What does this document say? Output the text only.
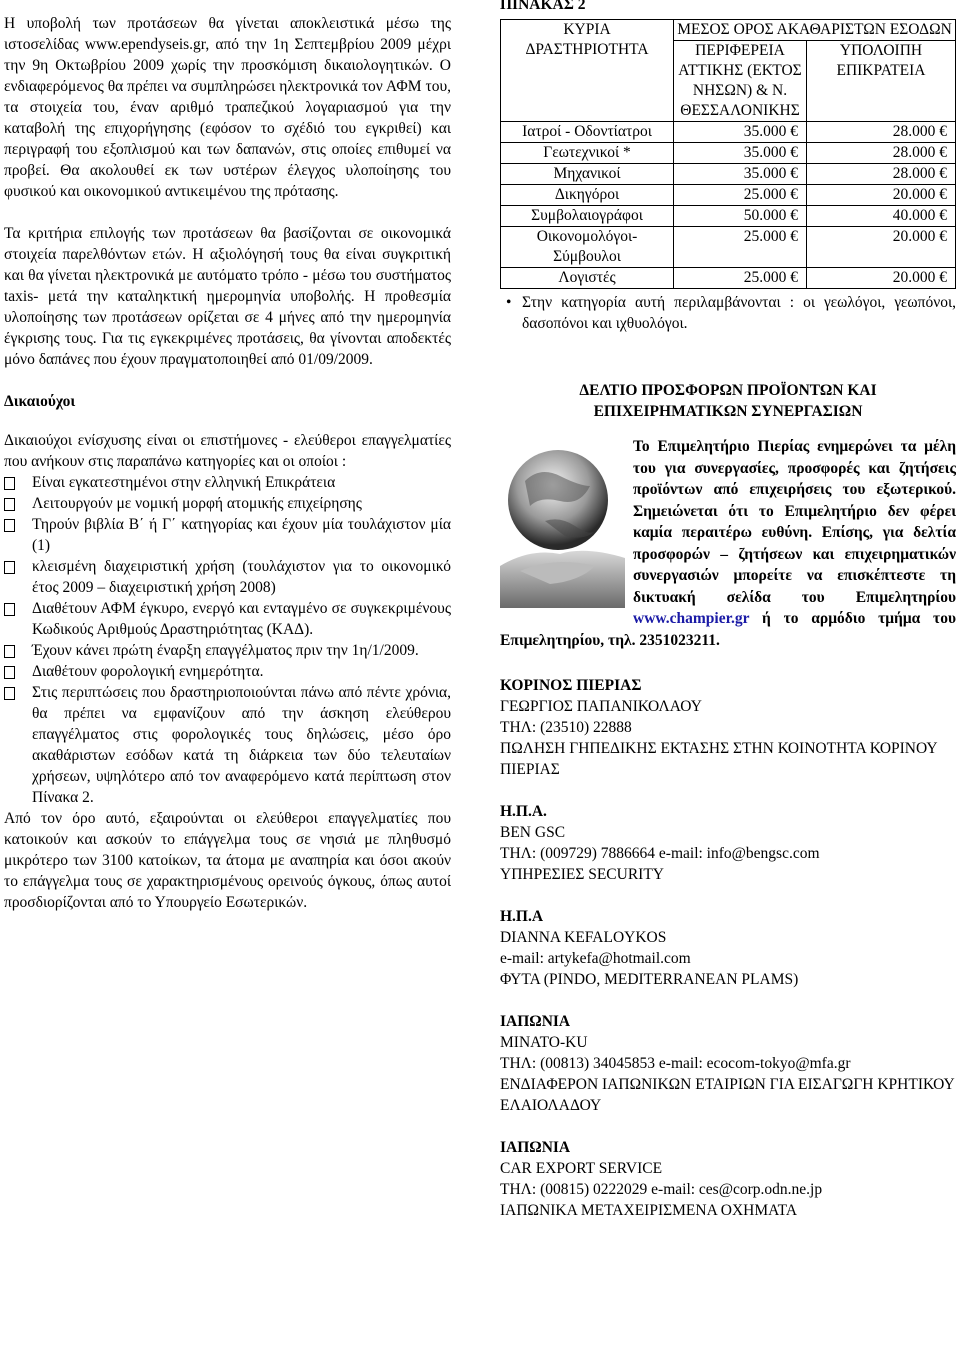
Η υποβολή των προτάσεων θα γίνεται αποκλειστικά μέσω της ιστοσελίδας www.ependyseis.gr, από την 1η Σεπτεμβρίου 2009 μέχρι την 9η Οκτωβρίου 2009 χωρίς την προσκόμιση δικαιολογητικών. Ο ενδιαφερόμενος θα πρέπει να συμπληρώσει ηλεκτρονικά τον ΑΦΜ του, τα στοιχεία του, έναν αριθμό τραπεζικού λογαριασμού για την καταβολή της επιχορήγησης (εφόσον το σχέδιό του εγκριθεί) και περιγραφή του εξοπλισμού και των δαπανών, στις οποίες επιθυμεί να προβεί. Θα ακολουθεί εκ των υστέρων έλεγχος υλοποίησης του φυσικού και οικονομικού αντικειμένου της πρότασης.

Τα κριτήρια επιλογής των προτάσεων θα βασίζονται σε οικονομικά στοιχεία παρελθόντων ετών. Η αξιολόγησή τους θα είναι συγκριτική και θα γίνεται ηλεκτρονικά με αυτόματο τρόπο - μέσω του συστήματος taxis- μετά την καταληκτική ημερομηνία υποβολής. Η προθεσμία υλοποίησης των προτάσεων ορίζεται σε 4 μήνες από την ημερομηνία έγκρισης τους. Για τις εγκεκριμένες προτάσεις, θα γίνονται αποδεκτές μόνο δαπάνες που έχουν πραγματοποιηθεί από 01/09/2009.

Δικαιούχοι

Δικαιούχοι ενίσχυσης είναι οι επιστήμονες - ελεύθεροι επαγγελματίες που ανήκουν στις παραπάνω κατηγορίες και οι οποίοι :

Είναι εγκατεστημένοι στην ελληνική Επικράτεια
Λειτουργούν με νομική μορφή ατομικής επιχείρησης
Τηρούν βιβλία Β΄ ή Γ΄ κατηγορίας και έχουν μία τουλάχιστον μία (1)
κλεισμένη διαχειριστική χρήση (τουλάχιστον για το οικονομικό έτος 2009 – διαχειριστική χρήση 2008)
Διαθέτουν ΑΦΜ έγκυρο, ενεργό και ενταγμένο σε συγκεκριμένους Κωδικούς Αριθμούς Δραστηριότητας (ΚΑΔ).
Έχουν κάνει πρώτη έναρξη επαγγέλματος πριν την 1η/1/2009.
Διαθέτουν φορολογική ενημερότητα.
Στις περιπτώσεις που δραστηριοποιούνται πάνω από πέντε χρόνια, θα πρέπει να εμφανίζουν από την άσκηση ελεύθερου επαγγέλματος στις φορολογικές τους δηλώσεις, μέσο όρο ακαθάριστων εσόδων κατά τη διάρκεια των δύο τελευταίων χρήσεων, υψηλότερο από τον αναφερόμενο κατά περίπτωση στον Πίνακα 2.

Από τον όρο αυτό, εξαιρούνται οι ελεύθεροι επαγγελματίες που κατοικούν και ασκούν το επάγγελμα τους σε νησιά με πληθυσμό μικρότερο των 3100 κατοίκων, τα άτομα με αναπηρία και όσοι ακούν το επάγγελμα τους σε χαρακτηρισμένους ορεινούς όγκους, όπως αυτοί προσδιορίζονται από το Υπουργείο Εσωτερικών.

ΠΙΝΑΚΑΣ 2

ΚΥΡΙΑ ΔΡΑΣΤΗΡΙΟΤΗΤΑ	ΜΕΣΟΣ ΟΡΟΣ ΑΚΑΘΑΡΙΣΤΩΝ ΕΣΟΔΩΝ	
	ΠΕΡΙΦΕΡΕΙΑ ΑΤΤΙΚΗΣ (ΕΚΤΟΣ ΝΗΣΩΝ) & Ν. ΘΕΣΣΑΛΟΝΙΚΗΣ	ΥΠΟΛΟΙΠΗ ΕΠΙΚΡΑΤΕΙΑ
Ιατροί - Οδοντίατροι	35.000 €	28.000 €
Γεωτεχνικοί *	35.000 €	28.000 €
Μηχανικοί	35.000 €	28.000 €
Δικηγόροι	25.000 €	20.000 €
Συμβολαιογράφοι	50.000 €	40.000 €
Οικονομολόγοι-Σύμβουλοι	25.000 €	20.000 €
Λογιστές	25.000 €	20.000 €

• Στην κατηγορία αυτή περιλαμβάνονται : οι γεωλόγοι, γεωπόνοι, δασοπόνοι και ιχθυολόγοι.

ΔΕΛΤΙΟ ΠΡΟΣΦΟΡΩΝ ΠΡΟΪΟΝΤΩΝ ΚΑΙ ΕΠΙΧΕΙΡΗΜΑΤΙΚΩΝ ΣΥΝΕΡΓΑΣΙΩΝ

Το Επιμελητήριο Πιερίας ενημερώνει τα μέλη του για συνεργασίες, προσφορές και ζητήσεις προϊόντων από επιχειρήσεις του εξωτερικού. Σημειώνεται ότι το Επιμελητήριο δεν φέρει καμία περαιτέρω ευθύνη. Επίσης, για δελτία προσφορών – ζητήσεων και επιχειρηματικών συνεργασιών μπορείτε να επισκέπτεστε τη δικτυακή σελίδα του Επιμελητηρίου www.champier.gr ή το αρμόδιο τμήμα του Επιμελητηρίου, τηλ. 2351023211.

ΚΟΡΙΝΟΣ ΠΙΕΡΙΑΣ

ΓΕΩΡΓΙΟΣ ΠΑΠΑΝΙΚΟΛΑΟΥ

ΤΗΛ: (23510) 22888

ΠΩΛΗΣΗ ΓΗΠΕΔΙΚΗΣ ΕΚΤΑΣΗΣ ΣΤΗΝ ΚΟΙΝΟΤΗΤΑ ΚΟΡΙΝΟΥ ΠΙΕΡΙΑΣ

Η.Π.Α.

BEN GSC

ΤΗΛ: (009729) 7886664 e-mail: info@bengsc.com

ΥΠΗΡΕΣΙΕΣ SECURITY

Η.Π.Α

DIANNA KEFALOYKOS

e-mail: artykefa@hotmail.com

ΦΥΤΑ (PINDO, MEDITERRANEAN PLAMS)

ΙΑΠΩΝΙΑ

MINATO-KU

ΤΗΛ: (00813) 34045853 e-mail: ecocom-tokyo@mfa.gr

ΕΝΔΙΑΦΕΡΟΝ ΙΑΠΩΝΙΚΩΝ ΕΤΑΙΡΙΩΝ ΓΙΑ ΕΙΣΑΓΩΓΗ ΚΡΗΤΙΚΟΥ ΕΛΑΙΟΛΑΔΟΥ

ΙΑΠΩΝΙΑ

CAR EXPORT SERVICE

ΤΗΛ: (00815) 0222029 e-mail: ces@corp.odn.ne.jp

ΙΑΠΩΝΙΚΑ ΜΕΤΑΧΕΙΡΙΣΜΕΝΑ ΟΧΗΜΑΤΑ
